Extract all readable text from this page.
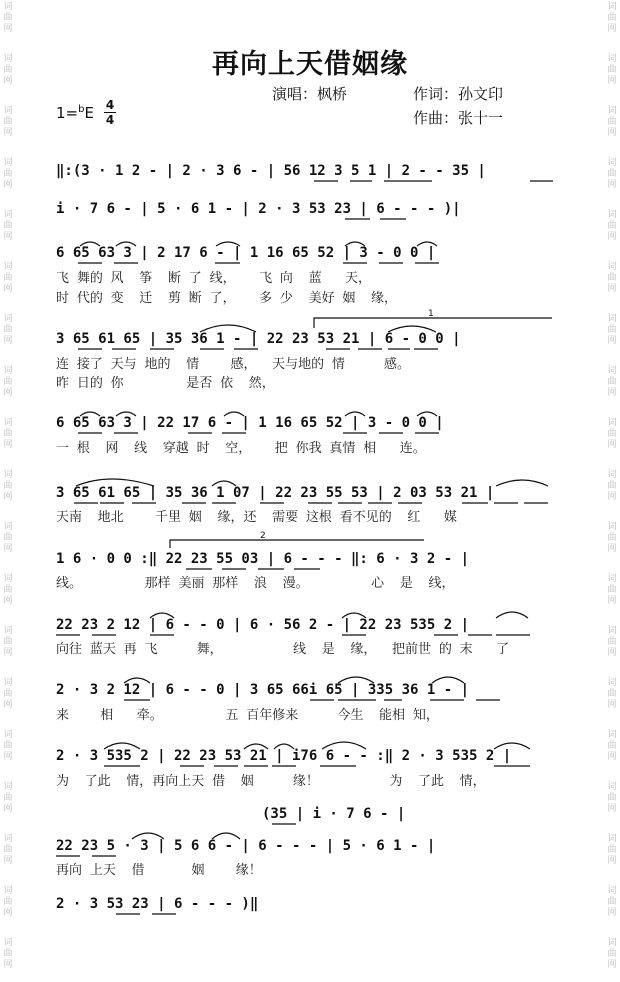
词
曲
网
词
曲
网
词
曲
网
词
曲
网
词
曲
网
词
曲
网
词
曲
网
词
曲
网
词
曲
网
词
曲
网
词
曲
网
词
曲
网
词
曲
网
词
曲
网
词
曲
网
词
曲
网
词
曲
网
词
曲
网
词
曲
网
词
曲
网
词
曲
网
词
曲
网
词
曲
网
词
曲
网
词
曲
网
词
曲
网
词
曲
网
词
曲
网
词
曲
网
词
曲
网
词
曲
网
词
曲
网
词
曲
网
词
曲
网
词
曲
网
词
曲
网
词
曲
网
词
曲
网
再向上天借姻缘
演唱：枫桥	作词：孙文印
作曲：张十一
1=$^b$E 4
4
‖:(3 · 1 2 - | 2 · 3 6 - | 56 12 3 5 1 | 2 - - 35 |
i · 7 6 - | 5 · 6 1 - | 2 · 3 53 23 | 6 - - - )|
6 65 63 3 | 2 17 6 - | 1 16 65 52 | 3 - 0 0 |
飞 舞的 风  筝  断 了 线，   飞 向  蓝   天，
时 代的 变  迁  剪 断 了，   多 少  美好 姻  缘，
3 65 61 65 | 35 36 1 - | 22 23 53 21 | 6 - 0 0 |
连 接了 天与 地的  情    感，  天与地的 情     感。
昨 日的 你        是否 依  然，
6 65 63 3 | 22 17 6 - | 1 16 65 52 | 3 - 0 0 |
一 根  网  线  穿越 时  空，   把 你我 真情 相   连。
3 65 61 65 | 35 36 1 07 | 22 23 55 53 | 2 03 53 21 |
天南  地北    千里 姻  缘，还  需要 这根 看不见的  红   媒
1 6 · 0 0 :‖ 22 23 55 03 | 6 - - - ‖: 6 · 3 2 - |
线。        那样 美丽 那样  浪  漫。        心  是  线，
22 23 2 12 | 6 - - 0 | 6 · 56 2 - | 22 23 535 2 |
向往 蓝天 再 飞     舞，         线  是  缘，  把前世 的 末   了
2 · 3 2 12 | 6 - - 0 | 3 65 66i 65 | 335 36 1 - |
来    相   牵。        五 百年修来     今生  能相 知，
2 · 3 535 2 | 22 23 53 21 | i76 6 - - :‖ 2 · 3 535 2 |
为  了此  情，再向上天 借  姻     缘！         为  了此  情，
(35 | i · 7 6 - |
22 23 5 · 3 | 5 6 6 - | 6 - - - | 5 · 6 1 - |
再向 上天  借      姻    缘！
2 · 3 53 23 | 6 - - - )‖
1
2
